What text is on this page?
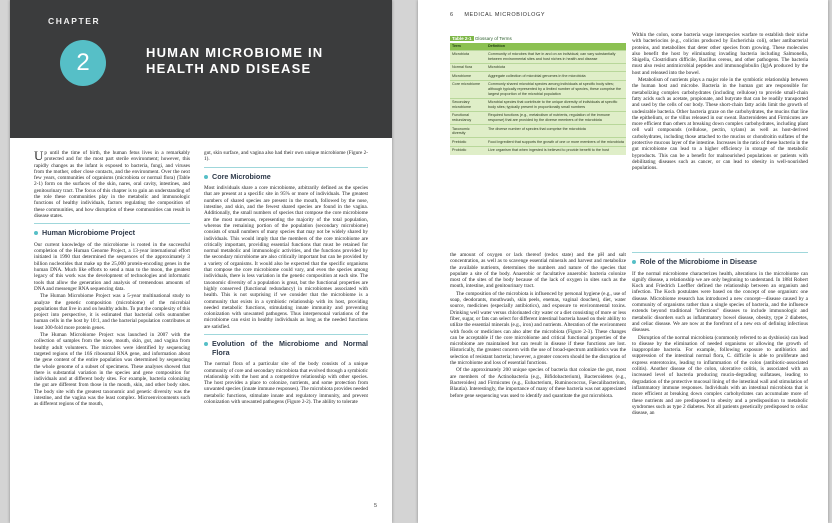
CHAPTER
2	HUMAN MICROBIOME IN HEALTH AND DISEASE

Up until the time of birth, the human fetus lives in a remarkably protected and for the most part sterile environment; however, this rapidly changes as the infant is exposed to bacteria, fungi, and viruses from the mother, other close contacts, and the environment. Over the next few years, communities of organisms (microbiota or normal flora) (Table 2-1) form on the surfaces of the skin, nares, oral cavity, intestines, and genitourinary tract. The focus of this chapter is to gain an understanding of the role these communities play in the metabolic and immunologic functions of healthy individuals, factors regulating the composition of these communities, and how disruption of these communities can result in disease states.

Human Microbiome Project

Our current knowledge of the microbiome is rooted in the successful completion of the Human Genome Project, a 13-year international effort initiated in 1990 that determined the sequences of the approximately 3 billion nucleotides that make up the 25,000 protein-encoding genes in the human DNA. Much like efforts to send a man to the moon, the greatest legacy of this work was the development of technologies and informatic tools that allow the generation and analysis of tremendous amounts of DNA and messenger RNA sequencing data.

The Human Microbiome Project was a 5-year multinational study to analyze the genetic composition (microbiome) of the microbial populations that live in and on healthy adults. To put the complexity of this project into perspective, it is estimated that bacterial cells outnumber human cells in the host by 10:1, and the bacterial population contributes at least 300-fold more protein genes.

The Human Microbiome Project was launched in 2007 with the collection of samples from the nose, mouth, skin, gut, and vagina from healthy adult volunteers. The microbes were identified by sequencing targeted regions of the 16S ribosomal RNA gene, and information about the gene content of the entire population was determined by sequencing the whole genome of a subset of specimens. These analyses showed that there is substantial variation in the species and gene composition for individuals and at different body sites. For example, bacteria colonizing the gut are different from those in the mouth, skin, and other body sites. The body site with the greatest taxonomic and genetic diversity was the intestine, and the vagina was the least complex. Microenvironments such as different regions of the mouth,

gut, skin surface, and vagina also had their own unique microbiome (Figure 2-1).

Core Microbiome

Most individuals share a core microbiome, arbitrarily defined as the species that are present at a specific site in 95% or more of individuals. The greatest numbers of shared species are present in the mouth, followed by the nose, intestine, and skin, and the fewest shared species are found in the vagina. Additionally, the small numbers of species that compose the core microbiome are the most numerous, representing the majority of the total population, whereas the remaining portion of the population (secondary microbiome) consists of small numbers of many species that may not be widely shared by individuals. This would imply that the members of the core microbiome are critically important, providing essential functions that must be retained for normal metabolic and immunologic activities, and the functions provided by the secondary microbiome are also critically important but can be provided by a variety of organisms. It would also be expected that the specific organisms that compose the core microbiome could vary, and even the species among individuals, there is less variation in the genetic composition at each site. The taxonomic diversity of a population is great, but the functional properties are highly conserved (functional redundancy) in microbiomes associated with health. This is not surprising if we consider that the microbiome is a community that exists in a symbiotic relationship with its host, providing needed metabolic functions, stimulating innate immunity and preventing colonization with unwanted pathogens. Thus interpersonal variations of the microbiome can exist in healthy individuals as long as the needed functions are satisfied.

Evolution of the Microbiome and Normal Flora

The normal flora of a particular site of the body consists of a unique community of core and secondary microbiota that evolved through a symbiotic relationship with the host and a competitive relationship with other species. The host provides a place to colonize, nutrients, and some protection from unwanted species (innate immune responses). The microbiota provides needed metabolic functions, stimulate innate and regulatory immunity, and prevent colonization with unwanted pathogens (Figure 2-2). The ability to tolerate

5
6 MEDICAL MICROBIOLOGY
Table 2-1 Glossary of Terms
Term	Definition
Microbiota	Community of microbes that live in and on an individual; can vary substantially between environmental sites and host niches in health and disease
Normal flora	Microbiota
Microbiome	Aggregate collection of microbial genomes in the microbiota
Core microbiome	Commonly shared microbial species among individuals at specific body sites; although typically represented by a limited number of species, these comprise the largest proportion of the microbial population
Secondary microbiome	Microbial species that contribute to the unique diversity of individuals at specific body sites; typically present in proportionally small numbers
Functional redundancy	Required functions (e.g., metabolism of nutrients, regulation of the immune response) that are provided by the diverse members of the microbiota
Taxonomic diversity	The diverse number of species that comprise the microbiota
Prebiotic	Food ingredient that supports the growth of one or more members of the microbiota
Probiotic	Live organism that when ingested is believed to provide benefit to the host

Within the colon, some bacteria wage interspecies warfare to establish their niche with bacteriocins (e.g., colicins produced by Escherichia coli), other antibacterial proteins, and metabolites that deter other species from growing. These molecules also benefit the host by eliminating invading bacteria including Salmonella, Shigella, Clostridium difficile, Bacillus cereus, and other pathogens. The bacteria must also resist antimicrobial peptides and immunoglobulin (Ig)A produced by the host and released into the bowel.

Metabolism of nutrients plays a major role in the symbiotic relationship between the human host and microbe. Bacteria in the human gut are responsible for metabolizing complex carbohydrates (including cellulose) to provide small-chain fatty acids such as acetate, propionate, and butyrate that can be readily transported and used by the cells of our body. These short-chain fatty acids limit the growth of undesirable bacteria. Other bacteria graze on the carbohydrates, the mucins that line the epithelium, or the villus released in our sweat. Bacteroidetes and Firmicutes are more efficient than others at breaking down complex carbohydrates, including plant cell wall compounds (cellulose, pectin, xylans) as well as host-derived carbohydrates, including those attached to the mucins or chondroitin sulfates of the protective mucous layer of the intestine. Increases in the ratio of these bacteria in the gut microbiome can lead to a higher efficiency in storage of the metabolic byproducts. This can be a benefit for malnourished populations or patients with debilitating diseases such as cancer, or can lead to obesity in well-nourished populations.

the amount of oxygen or lack thereof (redox state) and the pH and salt concentration, as well as to scavenge essential minerals and harvest and metabolize the available nutrients, determines the numbers and nature of the species that populate a site of the body. Anaerobic or facultative anaerobic bacteria colonize most of the sites of the body because of the lack of oxygen in sites such as the mouth, intestine, and genitourinary tract.

The composition of the microbiota is influenced by personal hygiene (e.g., use of soap, deodorants, mouthwash, skin peels, enemas, vaginal douches), diet, water source, medicines (especially antibiotics), and exposure to environmental toxins. Drinking well water versus chlorinated city water or a diet consisting of more or less fiber, sugar, or fats can select for different intestinal bacteria based on their ability to utilize the essential minerals (e.g., iron) and nutrients. Alteration of the environment with foods or medicines can also alter the microbiota (Figure 2-3). These changes can be acceptable if the core microbiome and critical functional properties of the microbiome are maintained but can result in disease if these functions are lost. Historically, the greatest concern with the use of broad-spectrum antibiotics was the selection of resistant bacteria; however, a greater concern should be the disruption of the microbiome and loss of essential functions.

Of the approximately 200 unique species of bacteria that colonize the gut, most are members of the Actinobacteria (e.g., Bifidobacterium), Bacteroidetes (e.g., Bacteroides) and Firmicutes (e.g., Eubacterium, Ruminococcus, Faecalibacterium, Blautia). Interestingly, the importance of many of these bacteria was not appreciated before gene sequencing was used to identify and quantitate the gut microbiota.

Role of the Microbiome in Disease

If the normal microbiome characterizes health, alterations in the microbiome can signify disease, a relationship we are only beginning to understand. In 1884 Robert Koch and Friedrich Loeffler defined the relationship between an organism and infection. The Koch postulates were based on the concept of one organism: one disease. Microbiome research has introduced a new concept—disease caused by a community of organisms rather than a single species of bacteria, and the influence extends beyond traditional "infectious" diseases to include immunologic and metabolic disorders such as inflammatory bowel disease, obesity, type 2 diabetes, and celiac disease. We are now at the forefront of a new era of defining infectious diseases.

Disruption of the normal microbiota (commonly referred to as dysbiosis) can lead to disease by the elimination of needed organisms or allowing the growth of inappropriate bacteria. For example, following exposure to antibiotics and suppression of the intestinal normal flora, C. difficile is able to proliferate and express enterotoxins, leading to inflammation of the colon (antibiotic-associated colitis). Another disease of the colon, ulcerative colitis, is associated with an increased level of bacteria producing mucin-degrading sulfatases, leading to degradation of the protective mucosal lining of the intestinal wall and stimulation of inflammatory immune responses. Individuals with an intestinal microbiota that is more efficient at breaking down complex carbohydrates can accumulate more of these nutrients and are predisposed to obesity and a predisposition to metabolic syndromes such as type 2 diabetes. Not all patients genetically predisposed to celiac disease, an
